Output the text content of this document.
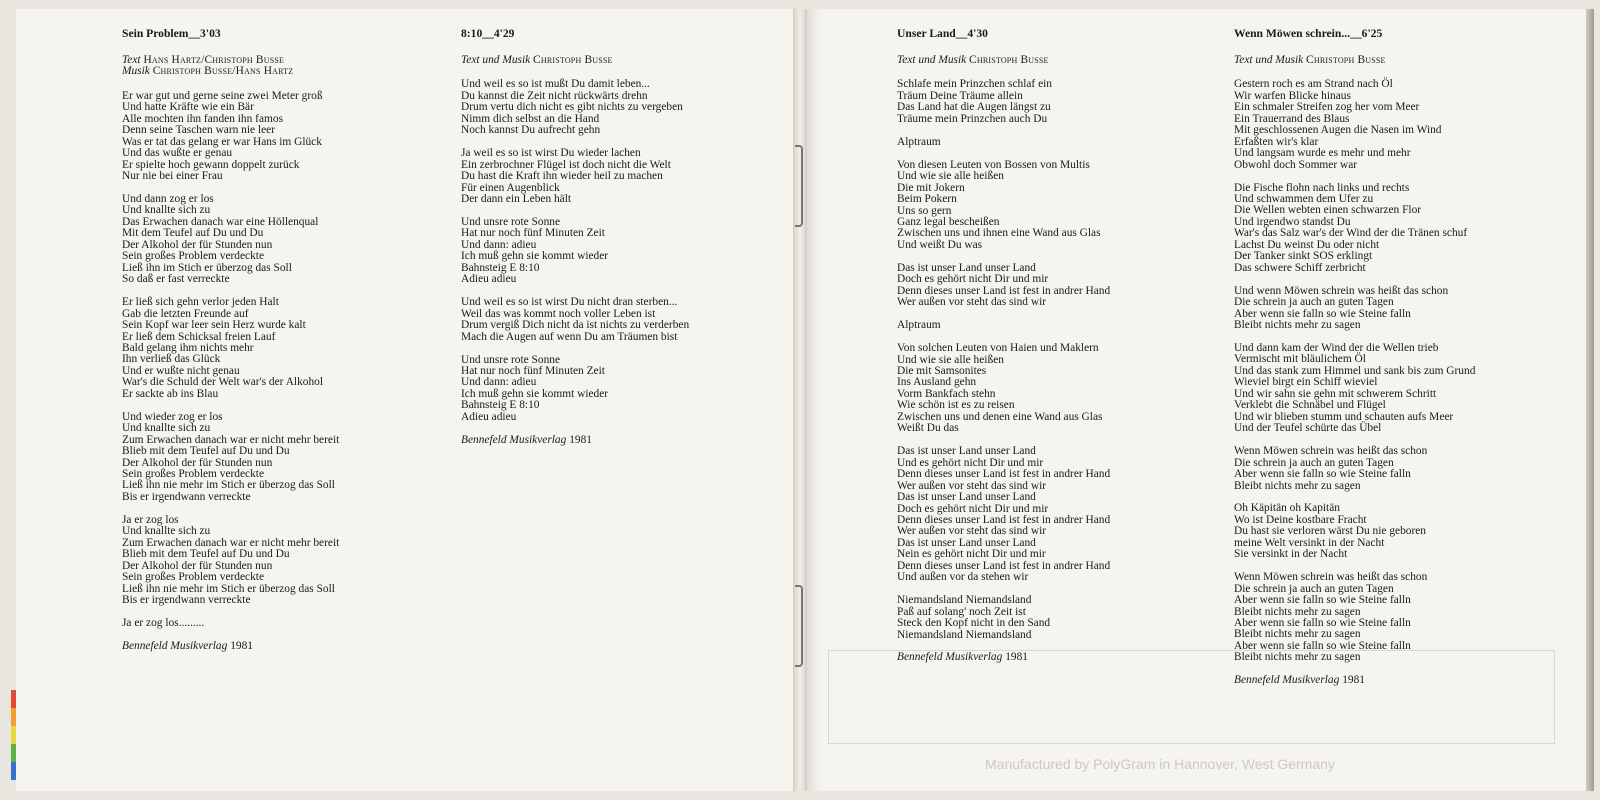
Manufactured by PolyGram in Hannover, West Germany
Sein Problem__3'03
Text Hans Hartz/Christoph Busse
Musik Christoph Busse/Hans Hartz
Er war gut und gerne seine zwei Meter groß
Und hatte Kräfte wie ein Bär
Alle mochten ihn fanden ihn famos
Denn seine Taschen warn nie leer
Was er tat das gelang er war Hans im Glück
Und das wußte er genau
Er spielte hoch gewann doppelt zurück
Nur nie bei einer Frau
Und dann zog er los
Und knallte sich zu
Das Erwachen danach war eine Höllenqual
Mit dem Teufel auf Du und Du
Der Alkohol der für Stunden nun
Sein großes Problem verdeckte
Ließ ihn im Stich er überzog das Soll
So daß er fast verreckte
Er ließ sich gehn verlor jeden Halt
Gab die letzten Freunde auf
Sein Kopf war leer sein Herz wurde kalt
Er ließ dem Schicksal freien Lauf
Bald gelang ihm nichts mehr
Ihn verließ das Glück
Und er wußte nicht genau
War's die Schuld der Welt war's der Alkohol
Er sackte ab ins Blau
Und wieder zog er los
Und knallte sich zu
Zum Erwachen danach war er nicht mehr bereit
Blieb mit dem Teufel auf Du und Du
Der Alkohol der für Stunden nun
Sein großes Problem verdeckte
Ließ ihn nie mehr im Stich er überzog das Soll
Bis er irgendwann verreckte
Ja er zog los
Und knallte sich zu
Zum Erwachen danach war er nicht mehr bereit
Blieb mit dem Teufel auf Du und Du
Der Alkohol der für Stunden nun
Sein großes Problem verdeckte
Ließ ihn nie mehr im Stich er überzog das Soll
Bis er irgendwann verreckte
Ja er zog los.........
Bennefeld Musikverlag 1981
8:10__4'29
Text und Musik Christoph Busse
Und weil es so ist mußt Du damit leben...
Du kannst die Zeit nicht rückwärts drehn
Drum vertu dich nicht es gibt nichts zu vergeben
Nimm dich selbst an die Hand
Noch kannst Du aufrecht gehn
Ja weil es so ist wirst Du wieder lachen
Ein zerbrochner Flügel ist doch nicht die Welt
Du hast die Kraft ihn wieder heil zu machen
Für einen Augenblick
Der dann ein Leben hält
Und unsre rote Sonne
Hat nur noch fünf Minuten Zeit
Und dann: adieu
Ich muß gehn sie kommt wieder
Bahnsteig E 8:10
Adieu adieu
Und weil es so ist wirst Du nicht dran sterben...
Weil das was kommt noch voller Leben ist
Drum vergiß Dich nicht da ist nichts zu verderben
Mach die Augen auf wenn Du am Träumen bist
Und unsre rote Sonne
Hat nur noch fünf Minuten Zeit
Und dann: adieu
Ich muß gehn sie kommt wieder
Bahnsteig E 8:10
Adieu adieu
Bennefeld Musikverlag 1981
Unser Land__4'30
Text und Musik Christoph Busse
Schlafe mein Prinzchen schlaf ein
Träum Deine Träume allein
Das Land hat die Augen längst zu
Träume mein Prinzchen auch Du
Alptraum
Von diesen Leuten von Bossen von Multis
Und wie sie alle heißen
Die mit Jokern
Beim Pokern
Uns so gern
Ganz legal bescheißen
Zwischen uns und ihnen eine Wand aus Glas
Und weißt Du was
Das ist unser Land unser Land
Doch es gehört nicht Dir und mir
Denn dieses unser Land ist fest in andrer Hand
Wer außen vor steht das sind wir
Alptraum
Von solchen Leuten von Haien und Maklern
Und wie sie alle heißen
Die mit Samsonites
Ins Ausland gehn
Vorm Bankfach stehn
Wie schön ist es zu reisen
Zwischen uns und denen eine Wand aus Glas
Weißt Du das
Das ist unser Land unser Land
Und es gehört nicht Dir und mir
Denn dieses unser Land ist fest in andrer Hand
Wer außen vor steht das sind wir
Das ist unser Land unser Land
Doch es gehört nicht Dir und mir
Denn dieses unser Land ist fest in andrer Hand
Wer außen vor steht das sind wir
Das ist unser Land unser Land
Nein es gehört nicht Dir und mir
Denn dieses unser Land ist fest in andrer Hand
Und außen vor da stehen wir
Niemandsland Niemandsland
Paß auf solang' noch Zeit ist
Steck den Kopf nicht in den Sand
Niemandsland Niemandsland
Bennefeld Musikverlag 1981
Wenn Möwen schrein...__6'25
Text und Musik Christoph Busse
Gestern roch es am Strand nach Öl
Wir warfen Blicke hinaus
Ein schmaler Streifen zog her vom Meer
Ein Trauerrand des Blaus
Mit geschlossenen Augen die Nasen im Wind
Erfaßten wir's klar
Und langsam wurde es mehr und mehr
Obwohl doch Sommer war
Die Fische flohn nach links und rechts
Und schwammen dem Ufer zu
Die Wellen webten einen schwarzen Flor
Und irgendwo standst Du
War's das Salz war's der Wind der die Tränen schuf
Lachst Du weinst Du oder nicht
Der Tanker sinkt SOS erklingt
Das schwere Schiff zerbricht
Und wenn Möwen schrein was heißt das schon
Die schrein ja auch an guten Tagen
Aber wenn sie falln so wie Steine falln
Bleibt nichts mehr zu sagen
Und dann kam der Wind der die Wellen trieb
Vermischt mit bläulichem Öl
Und das stank zum Himmel und sank bis zum Grund
Wieviel birgt ein Schiff wieviel
Und wir sahn sie gehn mit schwerem Schritt
Verklebt die Schnäbel und Flügel
Und wir blieben stumm und schauten aufs Meer
Und der Teufel schürte das Übel
Wenn Möwen schrein was heißt das schon
Die schrein ja auch an guten Tagen
Aber wenn sie falln so wie Steine falln
Bleibt nichts mehr zu sagen
Oh Käpitän oh Kapitän
Wo ist Deine kostbare Fracht
Du hast sie verloren wärst Du nie geboren
meine Welt versinkt in der Nacht
Sie versinkt in der Nacht
Wenn Möwen schrein was heißt das schon
Die schrein ja auch an guten Tagen
Aber wenn sie falln so wie Steine falln
Bleibt nichts mehr zu sagen
Aber wenn sie falln so wie Steine falln
Bleibt nichts mehr zu sagen
Aber wenn sie falln so wie Steine falln
Bleibt nichts mehr zu sagen
Bennefeld Musikverlag 1981
